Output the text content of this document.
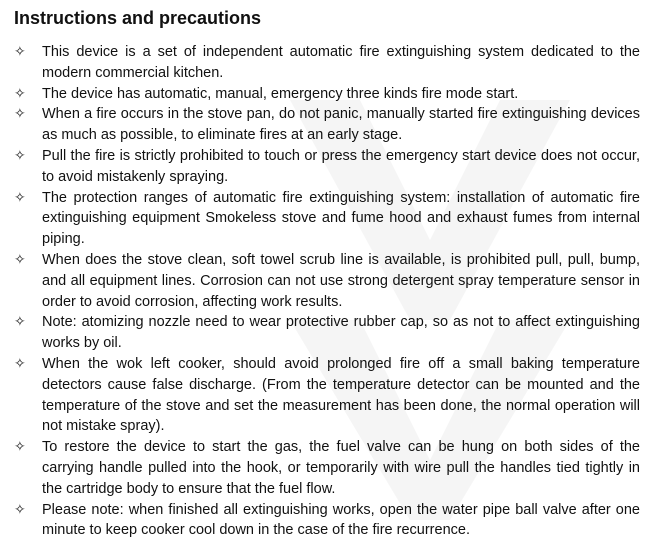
Instructions and precautions
✧ This device is a set of independent automatic fire extinguishing system dedicated to the modern commercial kitchen.
✧ The device has automatic, manual, emergency three kinds fire mode start.
✧ When a fire occurs in the stove pan, do not panic, manually started fire extinguishing devices as much as possible, to eliminate fires at an early stage.
✧ Pull the fire is strictly prohibited to touch or press the emergency start device does not occur, to avoid mistakenly spraying.
✧ The protection ranges of automatic fire extinguishing system: installation of automatic fire extinguishing equipment Smokeless stove and fume hood and exhaust fumes from internal piping.
✧ When does the stove clean, soft towel scrub line is available, is prohibited pull, pull, bump, and all equipment lines. Corrosion can not use strong detergent spray temperature sensor in order to avoid corrosion, affecting work results.
✧ Note: atomizing nozzle need to wear protective rubber cap, so as not to affect extinguishing works by oil.
✧ When the wok left cooker, should avoid prolonged fire off a small baking temperature detectors cause false discharge. (From the temperature detector can be mounted and the temperature of the stove and set the measurement has been done, the normal operation will not mistake spray).
✧ To restore the device to start the gas, the fuel valve can be hung on both sides of the carrying handle pulled into the hook, or temporarily with wire pull the handles tied tightly in the cartridge body to ensure that the fuel flow.
✧ Please note: when finished all extinguishing works, open the water pipe ball valve after one minute to keep cooker cool down in the case of the fire recurrence.
